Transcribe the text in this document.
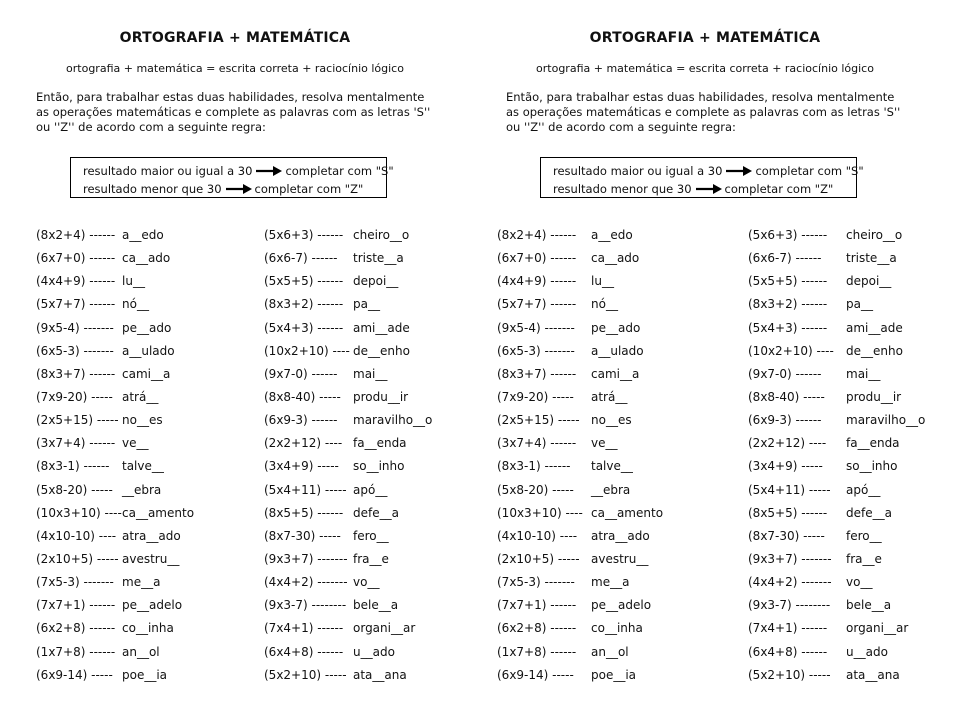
ORTOGRAFIA + MATEMÁTICA
ortografia + matemática = escrita correta + raciocínio lógico
Então, para trabalhar estas duas habilidades, resolva mentalmente as operações matemáticas e complete as palavras com as letras 'S'' ou ''Z'' de acordo com a seguinte regra:
resultado maior ou igual a 30	completar com "S"
resultado menor que 30	completar com "Z"
(8x2+4) ------ a__edo
(6x7+0) ------ ca__ado
(4x4+9) ------ lu__
(5x7+7) ------ nó__
(9x5-4) ------- pe__ado
(6x5-3) ------- a__ulado
(8x3+7) ------ cami__a
(7x9-20) ----- atrá__
(2x5+15) ----- no__es
(3x7+4) ------ ve__
(8x3-1) ------ talve__
(5x8-20) ----- __ebra
(10x3+10) ---- ca__amento
(4x10-10) ---- atra__ado
(2x10+5) ----- avestru__
(7x5-3) ------- me__a
(7x7+1) ------ pe__adelo
(6x2+8) ------ co__inha
(1x7+8) ------ an__ol
(6x9-14) ----- poe__ia
(5x6+3) ------ cheiro__o
(6x6-7) ------ triste__a
(5x5+5) ------ depoi__
(8x3+2) ------ pa__
(5x4+3) ------ ami__ade
(10x2+10) ---- de__enho
(9x7-0) ------ mai__
(8x8-40) ----- produ__ir
(6x9-3) ------ maravilho__o
(2x2+12) ---- fa__enda
(3x4+9) ----- so__inho
(5x4+11) ----- apó__
(8x5+5) ------ defe__a
(8x7-30) ----- fero__
(9x3+7) ------- fra__e
(4x4+2) ------- vo__
(9x3-7) -------- bele__a
(7x4+1) ------ organi__ar
(6x4+8) ------ u__ado
(5x2+10) ----- ata__ana
ORTOGRAFIA + MATEMÁTICA
ortografia + matemática = escrita correta + raciocínio lógico
Então, para trabalhar estas duas habilidades, resolva mentalmente as operações matemáticas e complete as palavras com as letras 'S'' ou ''Z'' de acordo com a seguinte regra:
resultado maior ou igual a 30	completar com "S"
resultado menor que 30	completar com "Z"
(8x2+4) ------ a__edo
(6x7+0) ------ ca__ado
(4x4+9) ------ lu__
(5x7+7) ------ nó__
(9x5-4) ------- pe__ado
(6x5-3) ------- a__ulado
(8x3+7) ------ cami__a
(7x9-20) ----- atrá__
(2x5+15) ----- no__es
(3x7+4) ------ ve__
(8x3-1) ------ talve__
(5x8-20) ----- __ebra
(10x3+10) ---- ca__amento
(4x10-10) ---- atra__ado
(2x10+5) ----- avestru__
(7x5-3) ------- me__a
(7x7+1) ------ pe__adelo
(6x2+8) ------ co__inha
(1x7+8) ------ an__ol
(6x9-14) ----- poe__ia
(5x6+3) ------ cheiro__o
(6x6-7) ------ triste__a
(5x5+5) ------ depoi__
(8x3+2) ------ pa__
(5x4+3) ------ ami__ade
(10x2+10) ---- de__enho
(9x7-0) ------ mai__
(8x8-40) ----- produ__ir
(6x9-3) ------ maravilho__o
(2x2+12) ---- fa__enda
(3x4+9) ----- so__inho
(5x4+11) ----- apó__
(8x5+5) ------ defe__a
(8x7-30) ----- fero__
(9x3+7) ------- fra__e
(4x4+2) ------- vo__
(9x3-7) -------- bele__a
(7x4+1) ------ organi__ar
(6x4+8) ------ u__ado
(5x2+10) ----- ata__ana
